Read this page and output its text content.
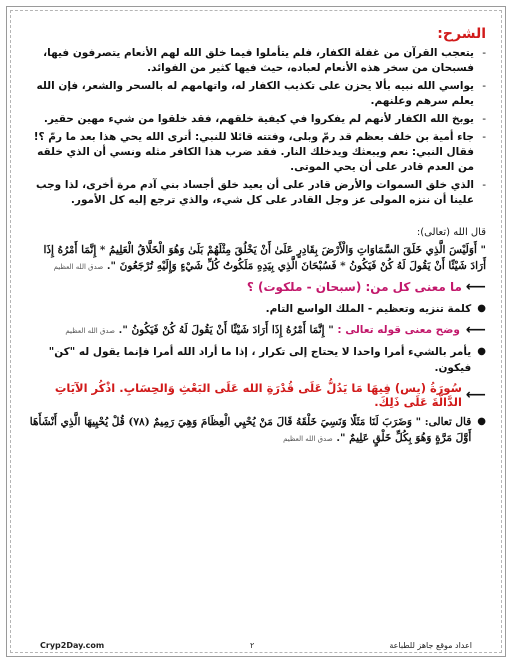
الشرح:
-
يتعجب القرآن من غفلة الكفار، فلم يتأملوا فيما خلق الله لهم الأنعام يتصرفون فيها، فسبحان من سخر هذه الأنعام لعباده، حيث فيها كثير من الفوائد.
-
يواسي الله نبيه بألا يحزن على تكذيب الكفار له، واتهامهم له بالسحر والشعر، فإن الله يعلم سرهم وعلنهم.
-
يوبخ الله الكفار لأنهم لم يفكروا في كيفية خلقهم، فقد خلقوا من شيء مهين حقير.
-
جاء أمية بن خلف بعظم قد رمّ وبلى، وفتته قائلا للنبي: أترى الله يحي هذا بعد ما رمّ ؟! فقال النبي: نعم ويبعثك ويدخلك النار. فقد ضرب هذا الكافر مثله ونسي أن الذي خلقه من العدم قادر على أن يحي الموتى.
-
الذي خلق السموات والأرض قادر على أن يعيد خلق أجساد بني آدم مرة أخرى، لذا وجب علينا أن ننزه المولى عز وجل القادر على كل شيء، والذي ترجع إليه كل الأمور.
قال الله (تعالى):
" أَوَلَيْسَ الَّذِي خَلَقَ السَّمَاوَاتِ وَالْأَرْضَ بِقَادِرٍ عَلَىٰ أَنْ يَخْلُقَ مِثْلَهُمْ بَلَىٰ وَهُوَ الْخَلَّاقُ الْعَلِيمُ * إِنَّمَا أَمْرُهُ إِذَا أَرَادَ شَيْئًا أَنْ يَقُولَ لَهُ كُنْ فَيَكُونُ * فَسُبْحَانَ الَّذِي بِيَدِهِ مَلَكُوتُ كُلِّ شَيْءٍ وَإِلَيْهِ تُرْجَعُونَ ". صدق الله العظيم
⟵
ما معنى كل من: (سبحان - ملكوت) ؟
●
كلمة تنزيه وتعظيم - الملك الواسع التام.
⟵
وضح معنى قوله تعالى : " إِنَّمَا أَمْرُهُ إِذَا أَرَادَ شَيْئًا أَنْ يَقُولَ لَهُ كُنْ فَيَكُونُ ". صدق الله العظيم
●
يأمر بالشيء أمرا واحدا لا يحتاج إلى تكرار ، إذا ما أراد الله أمرا فإنما يقول له "كن" فيكون.
⟵
سُورَةُ (يس) فِيهَا مَا يَدُلُّ عَلَى قُدْرَةِ الله عَلَى البَعْثِ وَالحِسَابِ. اذْكُر الآيَاتِ الدَّالَّةَ عَلَى ذَلِكَ.
●
قال تعالى: " وَضَرَبَ لَنَا مَثَلًا وَنَسِيَ خَلْقَهُ قَالَ مَنْ يُحْيِي الْعِظَامَ وَهِيَ رَمِيمٌ (٧٨) قُلْ يُحْيِيهَا الَّذِي أَنْشَأَهَا أَوَّلَ مَرَّةٍ وَهُوَ بِكُلِّ خَلْقٍ عَلِيمٌ ". صدق الله العظيم
Cryp2Day.com	٢	اعداد موقع جاهز للطباعة
